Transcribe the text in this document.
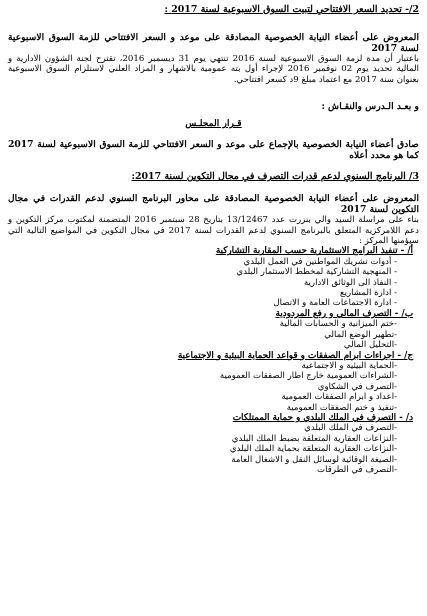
2/- تحديد السعر الافتتاحي لتبيت السوق الاسبوعية لسنة 2017 :
المعروض على أعضاء النيابة الخصوصية المصادقة على موعد و السعر الافتتاحي للزمة السوق الاسبوعية لسنة 2017
باعتبار أن مدة لزمة السوق الاسبوعية لسنة 2016 تنتهي يوم 31 ديسمبر 2016، تقترح لجنة الشؤون الادارية و المالية تحديد يوم 02 نوفمبر 2016 لإجراء أول بته عمومية بالاشهار و المزاد العلني لاستلزام السوق الاسبوعية بعنوان سنة 2017 مع اعتماد مبلغ 9د كسعر افتتاحي.
و بعـد الـدرس والنقـاش :
قـرار المجلـس
صادق أعضاء النيابة الخصوصية بالإجماع على موعد و السعر الافتتاحي للزمة السوق الاسبوعية لسنة 2017 كما هو محدد أعلاه
3/ البرنامج السنوي لدعم قدرات التصرف في مجال التكوين لسنة 2017:
المعروض على أعضاء النيابة الخصوصية المصادقة على محاور البرنامج السنوي لدعم القدرات في مجال التكوين لسنة 2017
بناء على مراسلة السيد والي بنزرت عدد 13/12467 بتاريخ 28 سبتمبر 2016 المتضمنة لمكتوب مركز التكوين و دعم اللامركزية المتعلق بالبرنامج السنوي لدعم القدرات لسنة 2017 في مجال التكوين في المواضيع التالية التي سيؤمنها المركز :
أ/ - تنفيذ البرامج الاستثمارية حسب المقاربة التشاركية
- أدوات تشريك المواطنين في العمل البلدي
- المنهجية التشاركية لمخطط الاستثمار البلدي
- النفاذ الى الوثائق الادارية
- ادارة المشاريع
- ادارة الاجتماعات العامة و الاتصال
ب/ - التصرف المالي و رفع المردودية
-ختم الميزانية و الحسابات المالية
-تطهير الوضع المالي
-التحليل المالي
ج/ - اجراءات ابرام الصفقات و قواعد الحماية البيئية و الاجتماعية
-الحماية البيئية و الاجتماعية
-الشراءات العمومية خارج اطار الصفقات العمومية
-التصرف في الشكاوي
-اعداد و ابرام الصفقات العمومية
-تنفيذ و ختم الصفقات العمومية
د/ - التصرف في الملك البلدي و حماية الممتلكات
-التصرف في الملك البلدي
-النزاعات العقارية المتعلقة بضبط الملك البلدي
-النزاعات العقارية المتعلقة بحماية الملك البلدي
-الصيغة الوقائية لوسائل النقل و الاشغال العامة
-التصرف في الطرقات
